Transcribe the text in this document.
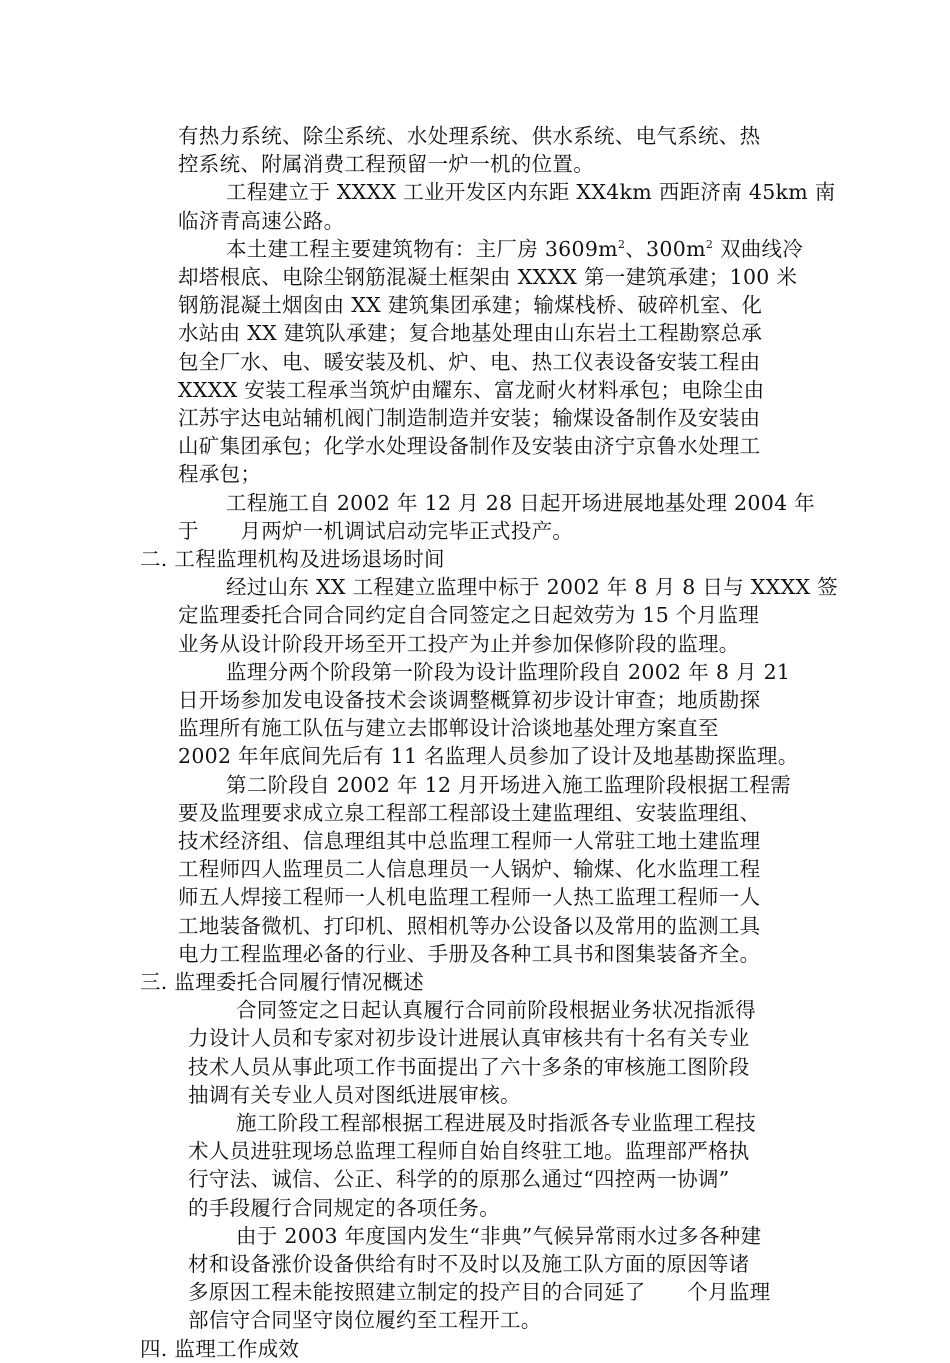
有热力系统、除尘系统、水处理系统、供水系统、电气系统、热
控系统、附属消费工程预留一炉一机的位置。
工程建立于 XXXX 工业开发区内东距 XX4km 西距济南 45km 南
临济青高速公路。
本土建工程主要建筑物有：主厂房 $3609m^2$、$300m^2$ 双曲线冷
却塔根底、电除尘钢筋混凝土框架由 XXXX 第一建筑承建；100 米
钢筋混凝土烟囱由 XX 建筑集团承建；输煤栈桥、破碎机室、化
水站由 XX 建筑队承建；复合地基处理由山东岩土工程勘察总承
包全厂水、电、暖安装及机、炉、电、热工仪表设备安装工程由
XXXX 安装工程承当筑炉由耀东、富龙耐火材料承包；电除尘由
江苏宇达电站辅机阀门制造制造并安装；输煤设备制作及安装由
山矿集团承包；化学水处理设备制作及安装由济宁京鲁水处理工
程承包；
工程施工自 2002 年 12 月 28 日起开场进展地基处理 2004 年
于　　月两炉一机调试启动完毕正式投产。
二. 工程监理机构及进场退场时间
经过山东 XX 工程建立监理中标于 2002 年 8 月 8 日与 XXXX 签
定监理委托合同合同约定自合同签定之日起效劳为 15 个月监理
业务从设计阶段开场至开工投产为止并参加保修阶段的监理。
监理分两个阶段第一阶段为设计监理阶段自 2002 年 8 月 21
日开场参加发电设备技术会谈调整概算初步设计审查；地质勘探
监理所有施工队伍与建立去邯郸设计洽谈地基处理方案直至
2002 年年底间先后有 11 名监理人员参加了设计及地基勘探监理。
第二阶段自 2002 年 12 月开场进入施工监理阶段根据工程需
要及监理要求成立泉工程部工程部设土建监理组、安装监理组、
技术经济组、信息理组其中总监理工程师一人常驻工地土建监理
工程师四人监理员二人信息理员一人锅炉、输煤、化水监理工程
师五人焊接工程师一人机电监理工程师一人热工监理工程师一人
工地装备微机、打印机、照相机等办公设备以及常用的监测工具
电力工程监理必备的行业、手册及各种工具书和图集装备齐全。
三. 监理委托合同履行情况概述
合同签定之日起认真履行合同前阶段根据业务状况指派得
力设计人员和专家对初步设计进展认真审核共有十名有关专业
技术人员从事此项工作书面提出了六十多条的审核施工图阶段
抽调有关专业人员对图纸进展审核。
施工阶段工程部根据工程进展及时指派各专业监理工程技
术人员进驻现场总监理工程师自始自终驻工地。监理部严格执
行守法、诚信、公正、科学的的原那么通过“四控两一协调”
的手段履行合同规定的各项任务。
由于 2003 年度国内发生“非典”气候异常雨水过多各种建
材和设备涨价设备供给有时不及时以及施工队方面的原因等诸
多原因工程未能按照建立制定的投产目的合同延了　　个月监理
部信守合同坚守岗位履约至工程开工。
四. 监理工作成效
